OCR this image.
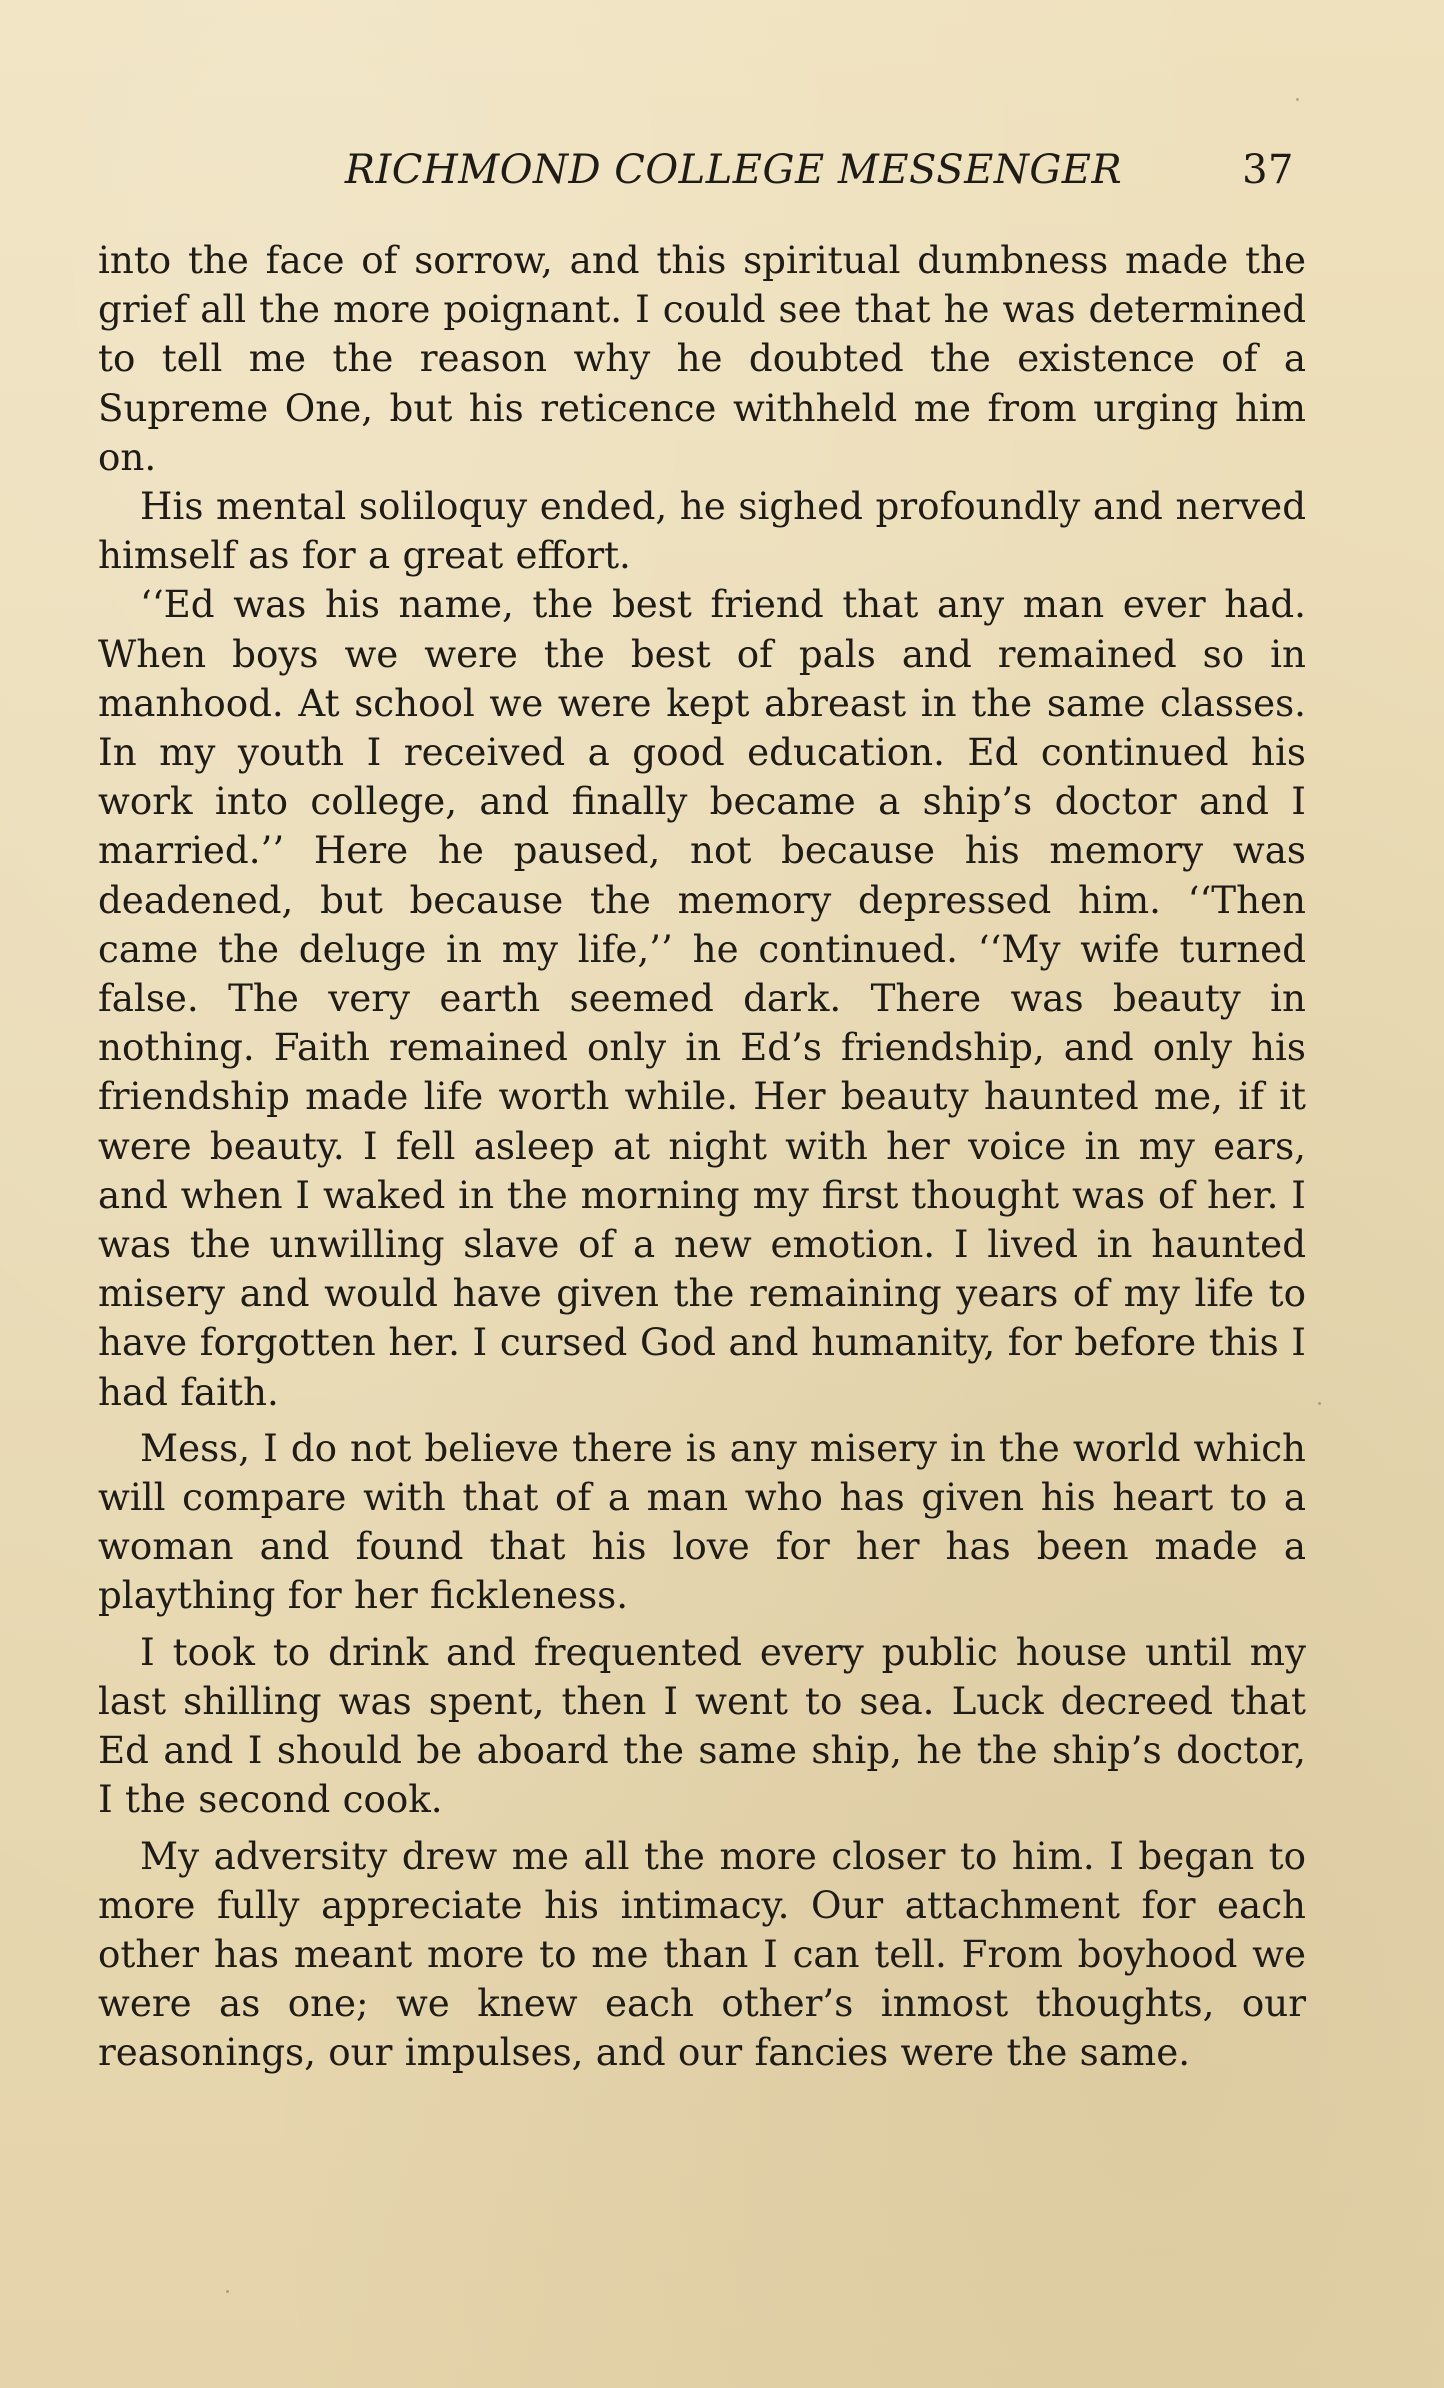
RICHMOND COLLEGE MESSENGER	37

into the face of sorrow, and this spiritual dumbness made the grief all the more poignant. I could see that he was determined to tell me the reason why he doubted the existence of a Supreme One, but his reticence withheld me from urging him on.

His mental soliloquy ended, he sighed profoundly and nerved himself as for a great effort.

‘‘Ed was his name, the best friend that any man ever had. When boys we were the best of pals and remained so in manhood. At school we were kept abreast in the same classes. In my youth I received a good education. Ed continued his work into college, and finally became a ship’s doctor and I married.’’ Here he paused, not because his memory was deadened, but because the memory depressed him. ‘‘Then came the deluge in my life,’’ he continued. ‘‘My wife turned false. The very earth seemed dark. There was beauty in nothing. Faith remained only in Ed’s friendship, and only his friendship made life worth while. Her beauty haunted me, if it were beauty. I fell asleep at night with her voice in my ears, and when I waked in the morning my first thought was of her. I was the unwilling slave of a new emotion. I lived in haunted misery and would have given the remaining years of my life to have forgotten her. I cursed God and humanity, for before this I had faith.

Mess, I do not believe there is any misery in the world which will compare with that of a man who has given his heart to a woman and found that his love for her has been made a plaything for her fickleness.

I took to drink and frequented every public house until my last shilling was spent, then I went to sea. Luck decreed that Ed and I should be aboard the same ship, he the ship’s doctor, I the second cook.

My adversity drew me all the more closer to him. I began to more fully appreciate his intimacy. Our attachment for each other has meant more to me than I can tell. From boyhood we were as one; we knew each other’s inmost thoughts, our reasonings, our impulses, and our fancies were the same.
